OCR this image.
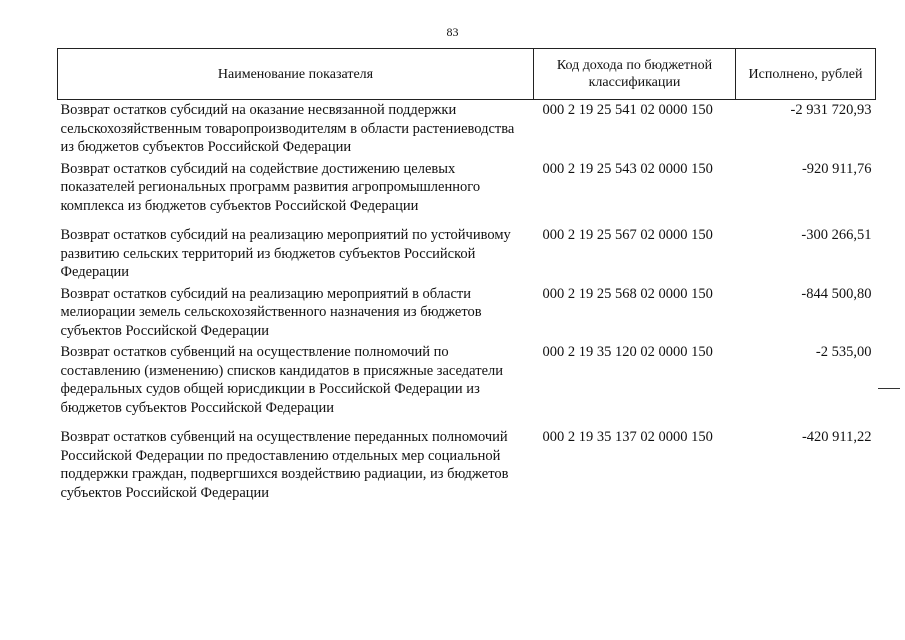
83
Наименование показателя	Код дохода по бюджетной классификации	Исполнено, рублей
Возврат остатков субсидий на оказание несвязанной поддержки сельскохозяйственным товаропроизводителям в области растениеводства из бюджетов субъектов Российской Федерации	000 2 19 25 541 02 0000 150	-2 931 720,93
Возврат остатков субсидий на содействие достижению целевых показателей региональных программ развития агропромышленного комплекса из бюджетов субъектов Российской Федерации	000 2 19 25 543 02 0000 150	-920 911,76
Возврат остатков субсидий на реализацию мероприятий по устойчивому развитию сельских территорий из бюджетов субъектов Российской Федерации	000 2 19 25 567 02 0000 150	-300 266,51
Возврат остатков субсидий на реализацию мероприятий в области мелиорации земель сельскохозяйственного назначения из бюджетов субъектов Российской Федерации	000 2 19 25 568 02 0000 150	-844 500,80
Возврат остатков субвенций на осуществление полномочий по составлению (изменению) списков кандидатов в присяжные заседатели федеральных судов общей юрисдикции в Российской Федерации из бюджетов субъектов Российской Федерации	000 2 19 35 120 02 0000 150	-2 535,00
Возврат остатков субвенций на осуществление переданных полномочий Российской Федерации по предоставлению отдельных мер социальной поддержки граждан, подвергшихся воздействию радиации, из бюджетов субъектов Российской Федерации	000 2 19 35 137 02 0000 150	-420 911,22
